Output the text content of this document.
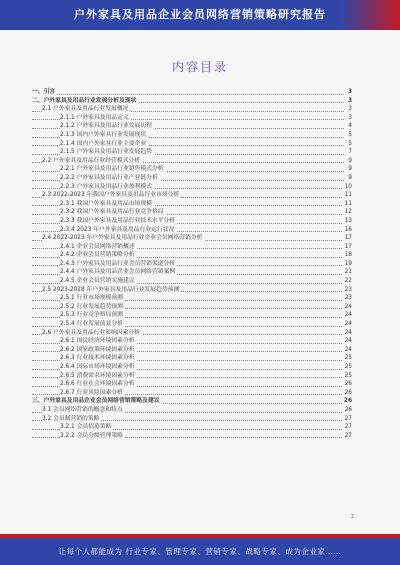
户外家具及用品企业会员网络营销策略研究报告
内容目录
一、引言	3
二、户外家具及用品行业发展分析及现状	3
2.1 户外家具及用品行业发展概况	3
2.1.1 户外家具及用品定义	3
2.1.2 户外家具及用品行业发展历程	4
2.1.3 国内户外家具行业发展现状	5
2.1.4 国内户外家具行业主要企业	5
2.1.5 户外家具及用品行业发展趋势	7
2.2 户外家具及用品行业经营模式分析	9
2.2.1 户外家具及用品行业销售模式分析	9
2.2.2 户外家具及用品行业产业链分析	9
2.2.3 户外家具及用品行业盈利模式	10
2.3 2022-2023 年我国户外家具及用品行业市场分析	11
2.3.1 我国户外家具及用品市场规模	11
2.3.2 我国户外家具及用品行业竞争格局	12
2.3.3 我国户外家具及用品行业技术水平分析	13
2.3.4 2023 年户外家具及用品行业运行状况	16
2.4 2022-2023 年户外家具及用品行业企业会员网络营销分析	17
2.4.1 企业会员网络营销概述	17
2.4.2 企业会员营销策略分析	18
2.4.3 户外家具及用品行业会员营销渠道分析	19
2.4.4 户外家具及用品企业会员网络营销案例	21
2.4.5 企业会员营销实施建议	22
2.5 2023-2028 年户外家具及用品行业发展趋势预测	23
2.5.1 行业市场规模预测	23
2.5.2 行业发展趋势预测	24
2.5.3 行业竞争格局预测	24
2.5.4 行业发展前景分析	24
2.6 户外家具及用品行业影响因素分析	24
2.6.1 国民经济环境因素分析	24
2.6.2 国家政策环境因素分析	24
2.6.3 行业技术环境因素分析	25
2.6.4 国际市场环境因素分析	25
2.6.5 消费需求环境因素分析	25
2.6.6 行业社会环境因素分析	26
2.6.7 行业风险因素分析	26
三、户外家具及用品企业会员网络营销策略及建议	26
3.1 会员网络营销的概念和特点	26
3.2 会员制营销的策略	27
3.2.1 会员招募策略	27
3.2.2 会员分级管理策略	27
2
让每个人都能成为 行业专家、管理专家、营销专家、战略专家、成为企业家……
